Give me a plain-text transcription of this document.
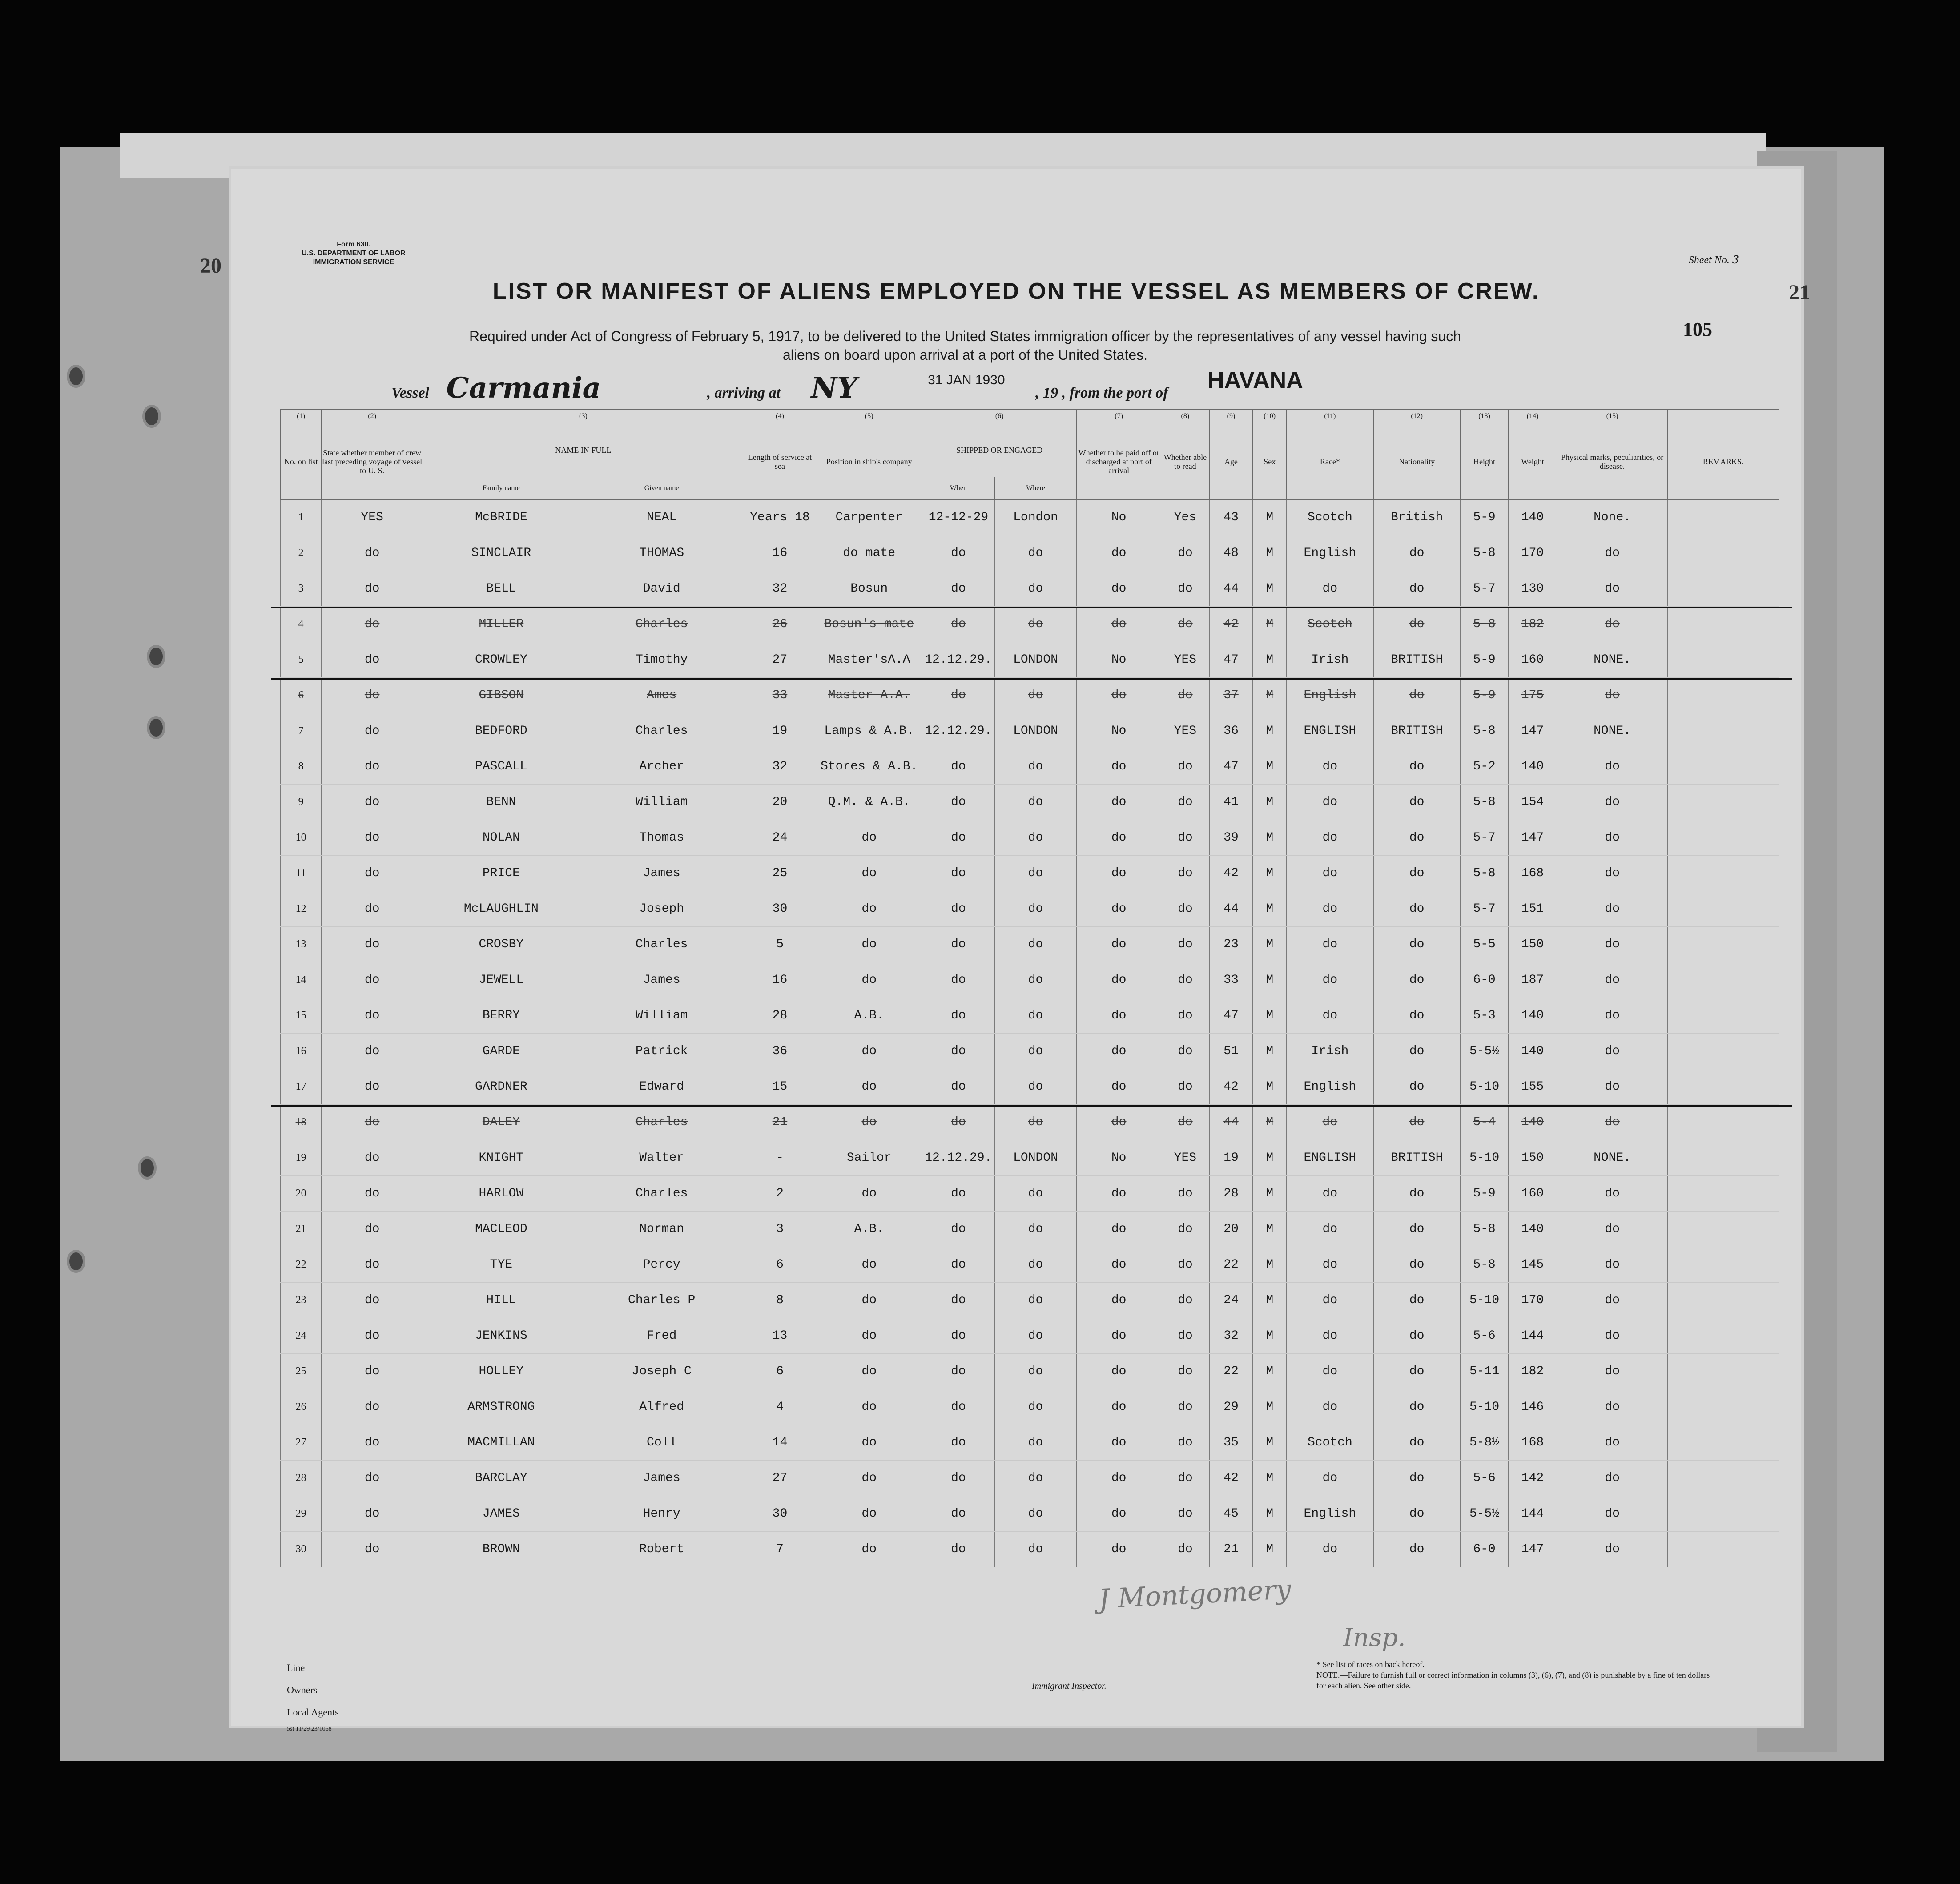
Form 630.
U.S. DEPARTMENT OF LABOR
IMMIGRATION SERVICE
20
21
Sheet No. 3
LIST OR MANIFEST OF ALIENS EMPLOYED ON THE VESSEL AS MEMBERS OF CREW.
Required under Act of Congress of February 5, 1917, to be delivered to the United States immigration officer by the representatives of any vessel having such
aliens on board upon arrival at a port of the United States.
105
Vessel Carmania	, arriving at NY	31 JAN 1930 , 19 , from the port of HAVANA
(1)	(2)	(3)		(4)	(5)	(6)		(7)	(8)	(9)	(10)	(11)	(12)	(13)	(14)	(15)	
No. on list	State whether member of crew last preceding voyage of vessel to U. S.	NAME IN FULL		Length of service at sea	Position in ship's company	SHIPPED OR ENGAGED		Whether to be paid off or discharged at port of arrival	Whether able to read	Age	Sex	Race*	Nationality	Height	Weight	Physical marks, peculiarities, or disease.	REMARKS.
		Family name	Given name			When	Where										
1	YES	McBRIDE	NEAL	Years 18	Carpenter	12-12-29	London	No	Yes	43	M	Scotch	British	5-9	140	None.	
2	do	SINCLAIR	THOMAS	16	do mate	do	do	do	do	48	M	English	do	5-8	170	do	
3	do	BELL	David	32	Bosun	do	do	do	do	44	M	do	do	5-7	130	do	
4	do	MILLER	Charles	26	Bosun's mate	do	do	do	do	42	M	Scotch	do	5-8	182	do	
5	do	CROWLEY	Timothy	27	Master'sA.A	12.12.29.	LONDON	No	YES	47	M	Irish	BRITISH	5-9	160	NONE.	
6	do	GIBSON	Ames	33	Master A.A.	do	do	do	do	37	M	English	do	5-9	175	do	
7	do	BEDFORD	Charles	19	Lamps & A.B.	12.12.29.	LONDON	No	YES	36	M	ENGLISH	BRITISH	5-8	147	NONE.	
8	do	PASCALL	Archer	32	Stores & A.B.	do	do	do	do	47	M	do	do	5-2	140	do	
9	do	BENN	William	20	Q.M. & A.B.	do	do	do	do	41	M	do	do	5-8	154	do	
10	do	NOLAN	Thomas	24	do	do	do	do	do	39	M	do	do	5-7	147	do	
11	do	PRICE	James	25	do	do	do	do	do	42	M	do	do	5-8	168	do	
12	do	McLAUGHLIN	Joseph	30	do	do	do	do	do	44	M	do	do	5-7	151	do	
13	do	CROSBY	Charles	5	do	do	do	do	do	23	M	do	do	5-5	150	do	
14	do	JEWELL	James	16	do	do	do	do	do	33	M	do	do	6-0	187	do	
15	do	BERRY	William	28	A.B.	do	do	do	do	47	M	do	do	5-3	140	do	
16	do	GARDE	Patrick	36	do	do	do	do	do	51	M	Irish	do	5-5½	140	do	
17	do	GARDNER	Edward	15	do	do	do	do	do	42	M	English	do	5-10	155	do	
18	do	DALEY	Charles	21	do	do	do	do	do	44	M	do	do	5-4	140	do	
19	do	KNIGHT	Walter	-	Sailor	12.12.29.	LONDON	No	YES	19	M	ENGLISH	BRITISH	5-10	150	NONE.	
20	do	HARLOW	Charles	2	do	do	do	do	do	28	M	do	do	5-9	160	do	
21	do	MACLEOD	Norman	3	A.B.	do	do	do	do	20	M	do	do	5-8	140	do	
22	do	TYE	Percy	6	do	do	do	do	do	22	M	do	do	5-8	145	do	
23	do	HILL	Charles P	8	do	do	do	do	do	24	M	do	do	5-10	170	do	
24	do	JENKINS	Fred	13	do	do	do	do	do	32	M	do	do	5-6	144	do	
25	do	HOLLEY	Joseph C	6	do	do	do	do	do	22	M	do	do	5-11	182	do	
26	do	ARMSTRONG	Alfred	4	do	do	do	do	do	29	M	do	do	5-10	146	do	
27	do	MACMILLAN	Coll	14	do	do	do	do	do	35	M	Scotch	do	5-8½	168	do	
28	do	BARCLAY	James	27	do	do	do	do	do	42	M	do	do	5-6	142	do	
29	do	JAMES	Henry	30	do	do	do	do	do	45	M	English	do	5-5½	144	do	
30	do	BROWN	Robert	7	do	do	do	do	do	21	M	do	do	6-0	147	do	
J Montgomery
Insp.
Line
Owners
Local Agents
5st 11/29 23/1068
Immigrant Inspector.
* See list of races on back hereof.
NOTE.—Failure to furnish full or correct information in columns (3), (6), (7), and (8) is punishable by a fine of ten dollars for each alien. See other side.
